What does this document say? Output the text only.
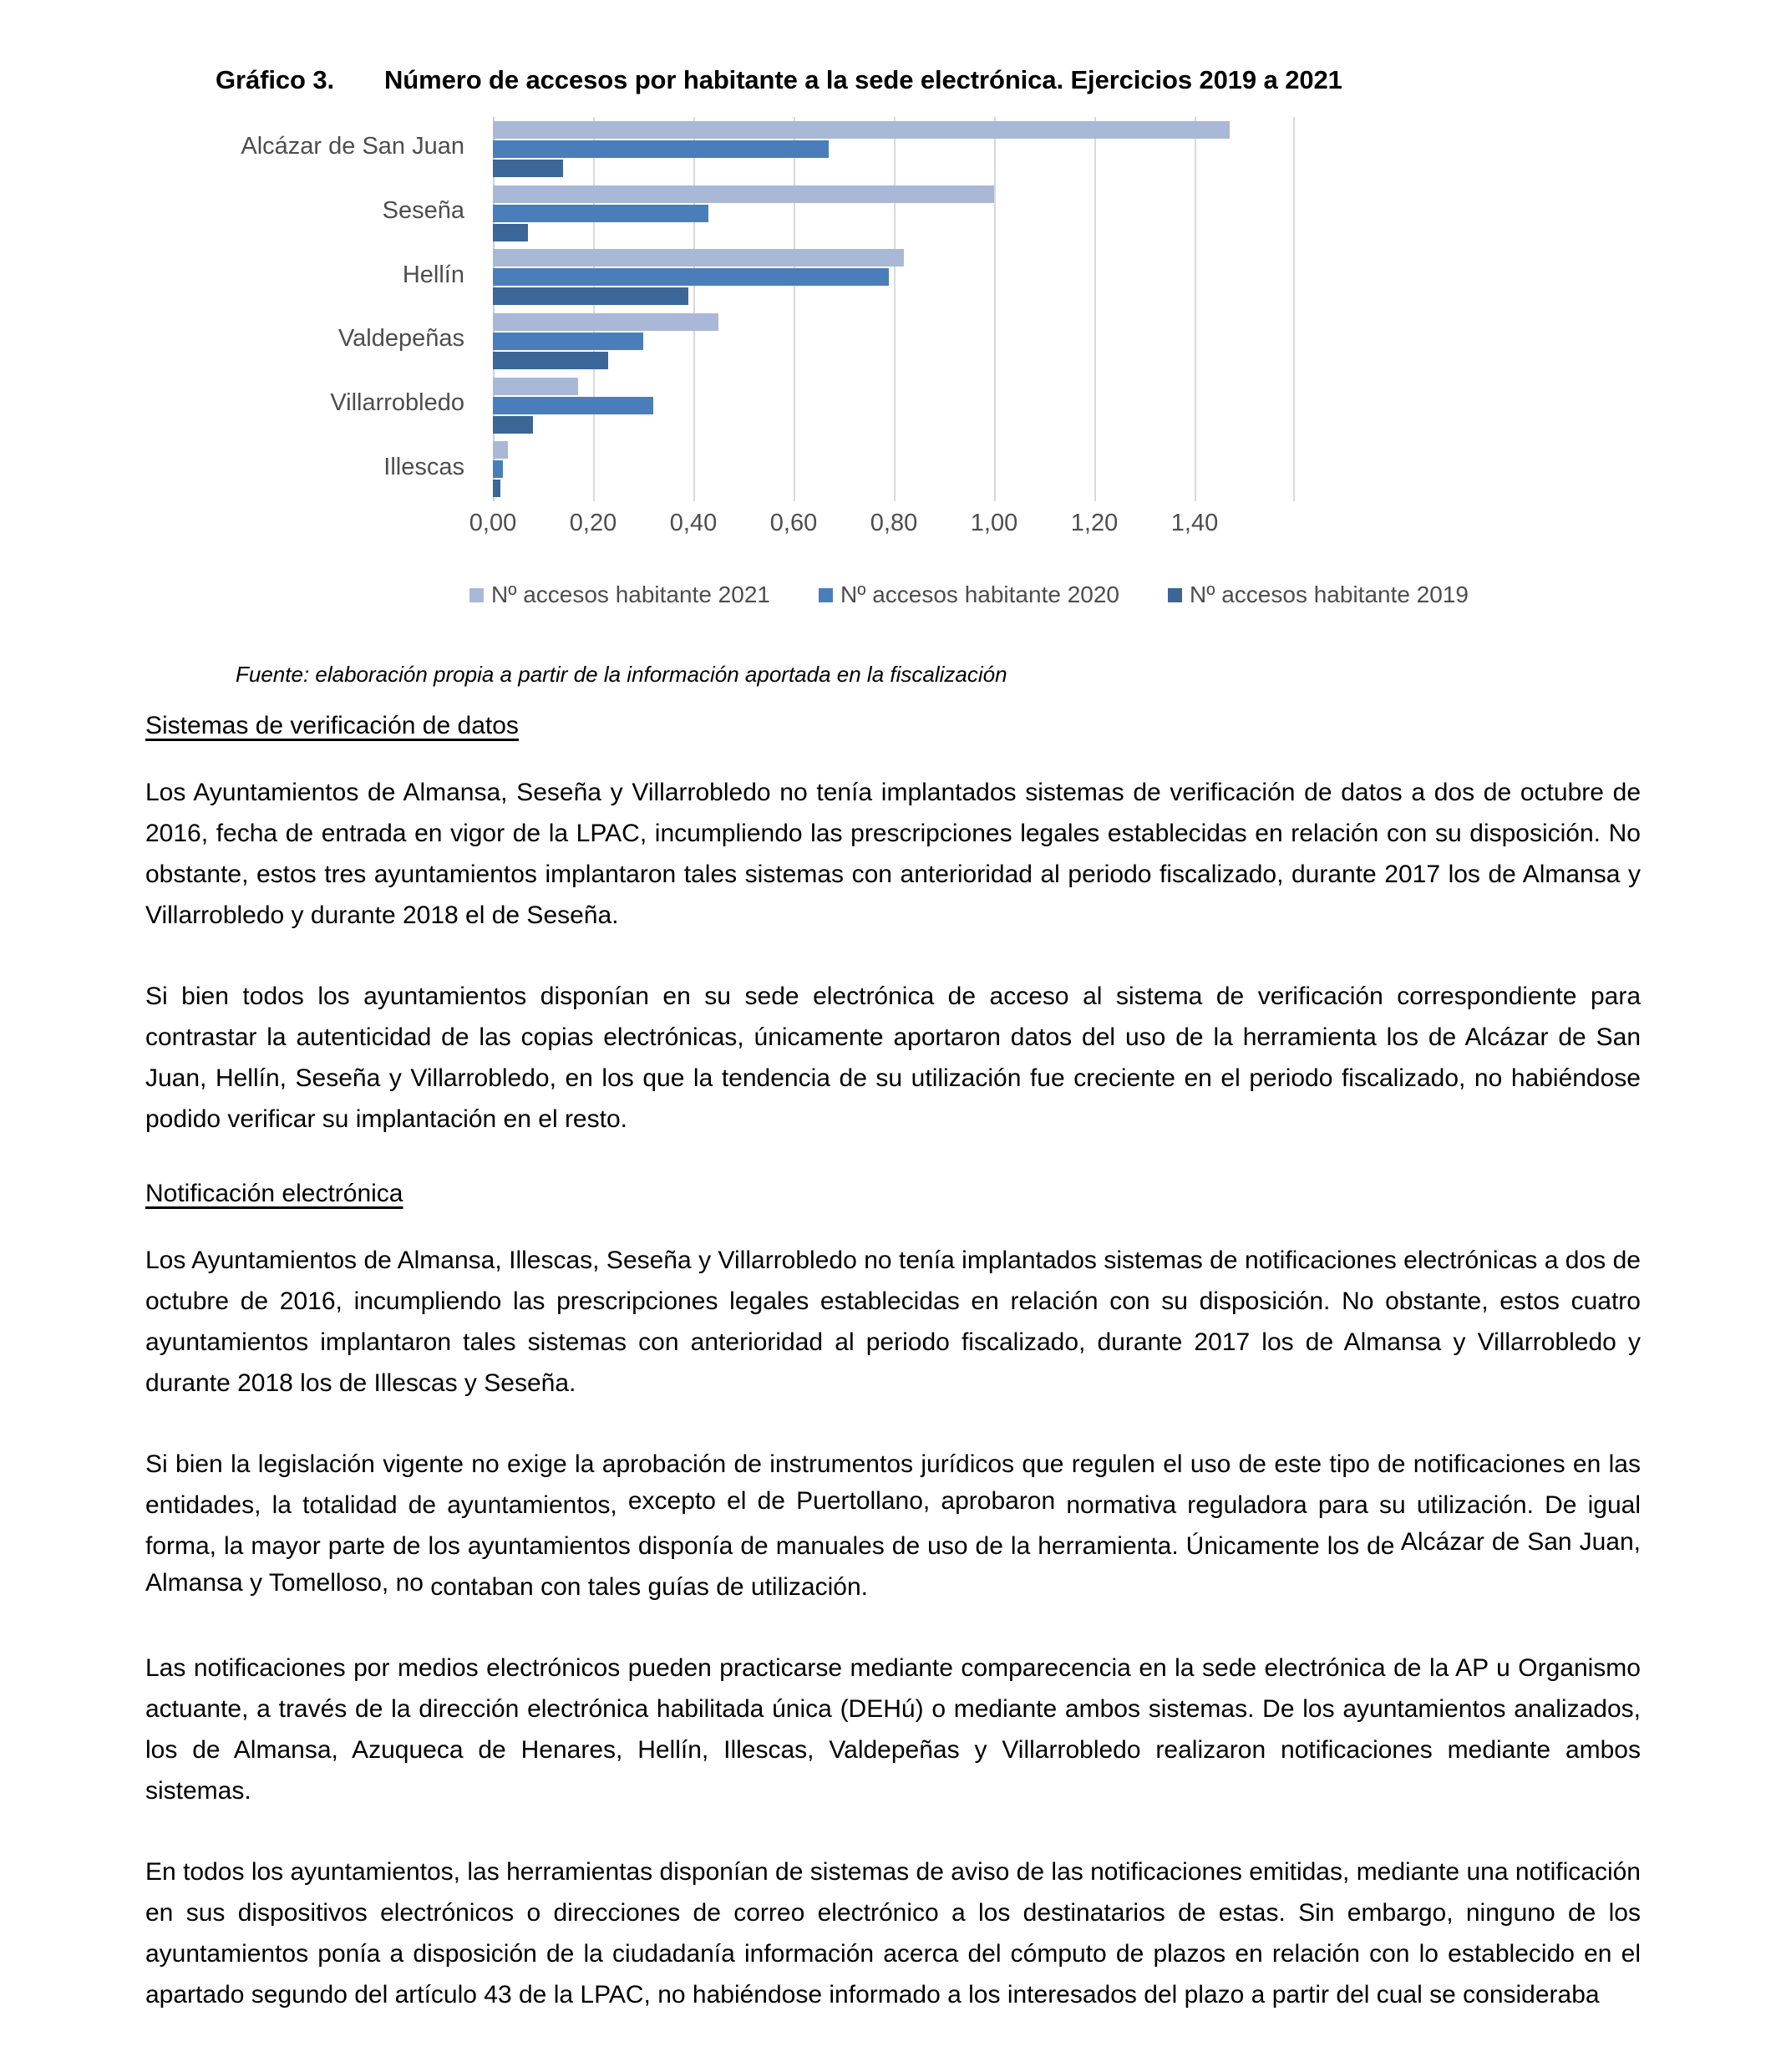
Gráfico 3. Número de accesos por habitante a la sede electrónica. Ejercicios 2019 a 2021
Alcázar de San Juan
Seseña
Hellín
Valdepeñas
Villarrobledo
Illescas
0,00 0,20 0,40 0,60 0,80 1,00 1,20 1,40
Nº accesos habitante 2021	Nº accesos habitante 2020	Nº accesos habitante 2019
Fuente: elaboración propia a partir de la información aportada en la fiscalización
Sistemas de verificación de datos

Los Ayuntamientos de Almansa, Seseña y Villarrobledo no tenía implantados sistemas de verificación de datos a dos de octubre de 2016, fecha de entrada en vigor de la LPAC, incumpliendo las prescripciones legales establecidas en relación con su disposición. No obstante, estos tres ayuntamientos implantaron tales sistemas con anterioridad al periodo fiscalizado, durante 2017 los de Almansa y Villarrobledo y durante 2018 el de Seseña.

Si bien todos los ayuntamientos disponían en su sede electrónica de acceso al sistema de verificación correspondiente para contrastar la autenticidad de las copias electrónicas, únicamente aportaron datos del uso de la herramienta los de Alcázar de San Juan, Hellín, Seseña y Villarrobledo, en los que la tendencia de su utilización fue creciente en el periodo fiscalizado, no habiéndose podido verificar su implantación en el resto.

Notificación electrónica

Los Ayuntamientos de Almansa, Illescas, Seseña y Villarrobledo no tenía implantados sistemas de notificaciones electrónicas a dos de octubre de 2016, incumpliendo las prescripciones legales establecidas en relación con su disposición. No obstante, estos cuatro ayuntamientos implantaron tales sistemas con anterioridad al periodo fiscalizado, durante 2017 los de Almansa y Villarrobledo y durante 2018 los de Illescas y Seseña.

Si bien la legislación vigente no exige la aprobación de instrumentos jurídicos que regulen el uso de este tipo de notificaciones en las entidades, la totalidad de ayuntamientos, excepto el de Puertollano, aprobaron normativa reguladora para su utilización. De igual forma, la mayor parte de los ayuntamientos disponía de manuales de uso de la herramienta. Únicamente los de Alcázar de San Juan, Almansa y Tomelloso, no contaban con tales guías de utilización.

Las notificaciones por medios electrónicos pueden practicarse mediante comparecencia en la sede electrónica de la AP u Organismo actuante, a través de la dirección electrónica habilitada única (DEHú) o mediante ambos sistemas. De los ayuntamientos analizados, los de Almansa, Azuqueca de Henares, Hellín, Illescas, Valdepeñas y Villarrobledo realizaron notificaciones mediante ambos sistemas.

En todos los ayuntamientos, las herramientas disponían de sistemas de aviso de las notificaciones emitidas, mediante una notificación en sus dispositivos electrónicos o direcciones de correo electrónico a los destinatarios de estas. Sin embargo, ninguno de los ayuntamientos ponía a disposición de la ciudadanía información acerca del cómputo de plazos en relación con lo establecido en el apartado segundo del artículo 43 de la LPAC, no habiéndose informado a los interesados del plazo a partir del cual se consideraba
